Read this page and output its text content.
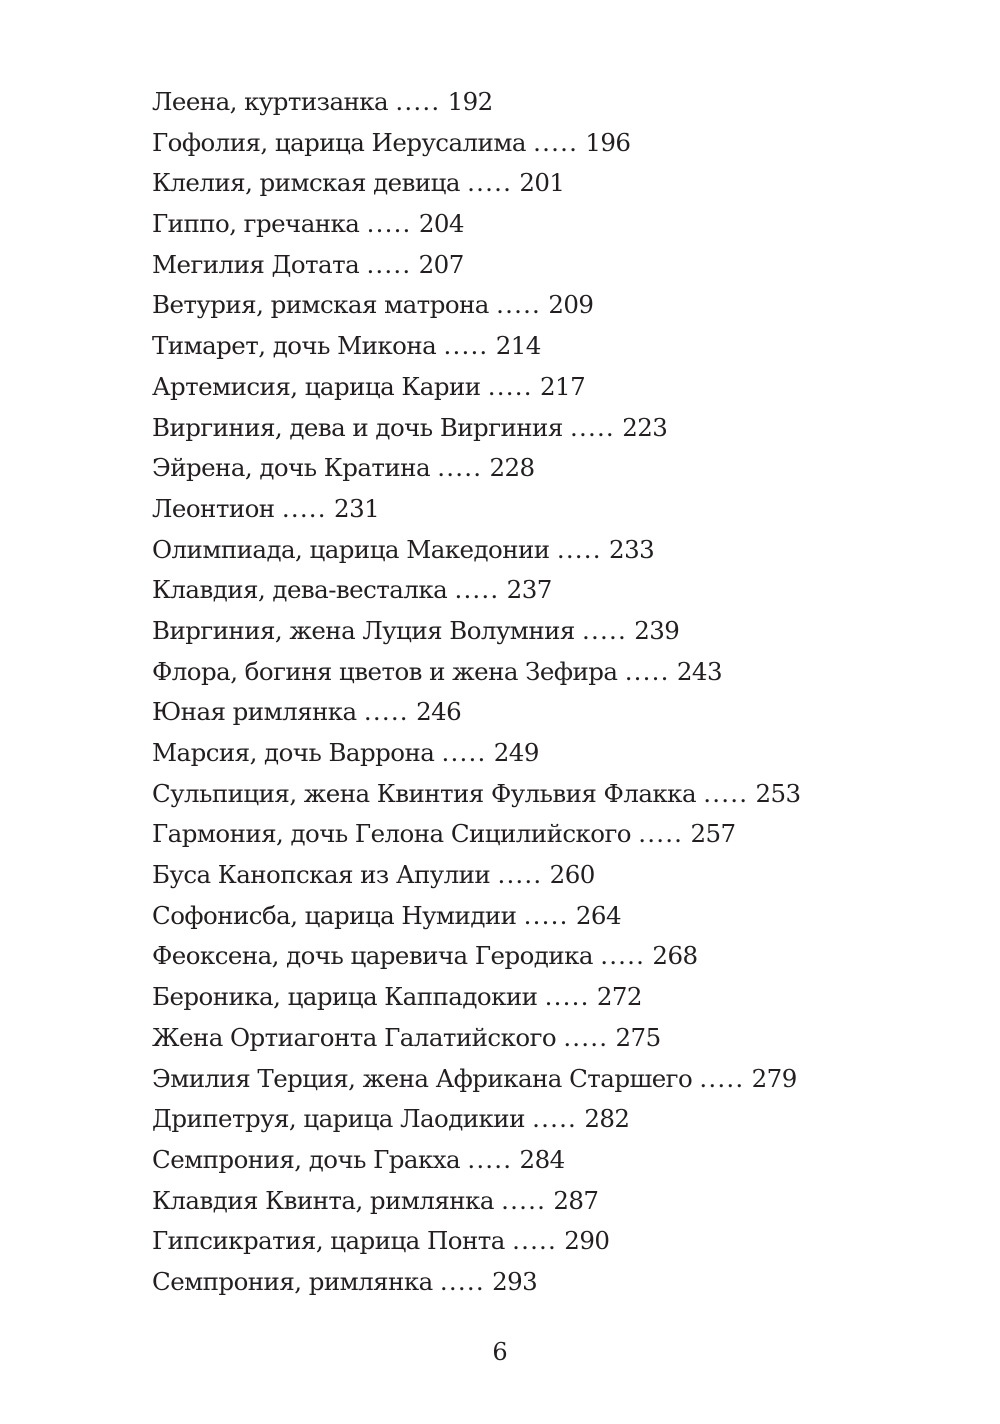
Леена, куртизанка ..... 192
Гофолия, царица Иерусалима ..... 196
Клелия, римская девица ..... 201
Гиппо, гречанка ..... 204
Мегилия Дотата ..... 207
Ветурия, римская матрона ..... 209
Тимарет, дочь Микона ..... 214
Артемисия, царица Карии ..... 217
Виргиния, дева и дочь Виргиния ..... 223
Эйрена, дочь Кратина ..... 228
Леонтион ..... 231
Олимпиада, царица Македонии ..... 233
Клавдия, дева-весталка ..... 237
Виргиния, жена Луция Волумния ..... 239
Флора, богиня цветов и жена Зефира ..... 243
Юная римлянка ..... 246
Марсия, дочь Варрона ..... 249
Сульпиция, жена Квинтия Фульвия Флакка ..... 253
Гармония, дочь Гелона Сицилийского ..... 257
Буса Канопская из Апулии ..... 260
Софонисба, царица Нумидии ..... 264
Феоксена, дочь царевича Геродика ..... 268
Бероника, царица Каппадокии ..... 272
Жена Ортиагонта Галатийского ..... 275
Эмилия Терция, жена Африкана Старшего ..... 279
Дрипетруя, царица Лаодикии ..... 282
Семпрония, дочь Гракха ..... 284
Клавдия Квинта, римлянка ..... 287
Гипсикратия, царица Понта ..... 290
Семпрония, римлянка ..... 293
6
